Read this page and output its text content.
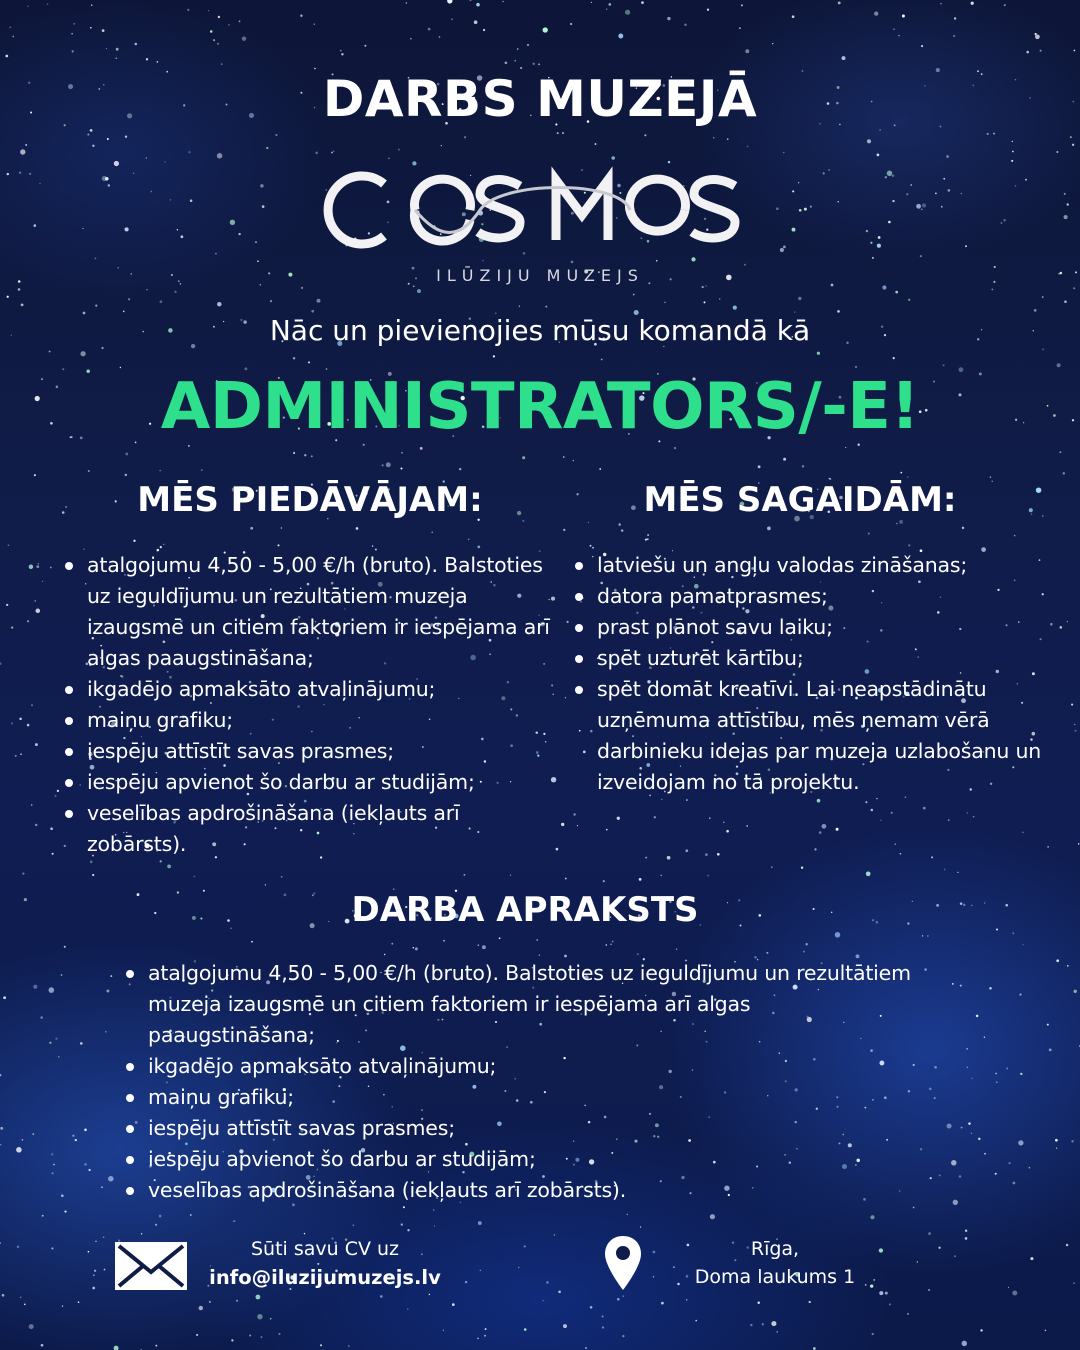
DARBS MUZEJĀ
ILŪZIJU MUZEJS
Nāc un pievienojies mūsu komandā kā
ADMINISTRATORS/-E!
MĒS PIEDĀVĀJAM:	MĒS SAGAIDĀM:
atalgojumu 4,50 - 5,00 €/h (bruto). Balstoties uz ieguldījumu un rezultātiem muzeja izaugsmē un citiem faktoriem ir iespējama arī algas paaugstināšana;
ikgadējo apmaksāto atvaļinājumu;
maiņu grafiku;
iespēju attīstīt savas prasmes;
iespēju apvienot šo darbu ar studijām;
veselības apdrošināšana (iekļauts arī zobārsts).
latviešu un angļu valodas zināšanas;
datora pamatprasmes;
prast plānot savu laiku;
spēt uzturēt kārtību;
spēt domāt kreatīvi. Lai neapstādinātu uzņēmuma attīstību, mēs ņemam vērā darbinieku idejas par muzeja uzlabošanu un izveidojam no tā projektu.
DARBA APRAKSTS
atalgojumu 4,50 - 5,00 €/h (bruto). Balstoties uz ieguldījumu un rezultātiem muzeja izaugsmē un citiem faktoriem ir iespējama arī algas paaugstināšana;
ikgadējo apmaksāto atvaļinājumu;
maiņu grafiku;
iespēju attīstīt savas prasmes;
iespēju apvienot šo darbu ar studijām;
veselības apdrošināšana (iekļauts arī zobārsts).
Sūti savu CV uz
info@iluzijumuzejs.lv
Rīga,
Doma laukums 1
